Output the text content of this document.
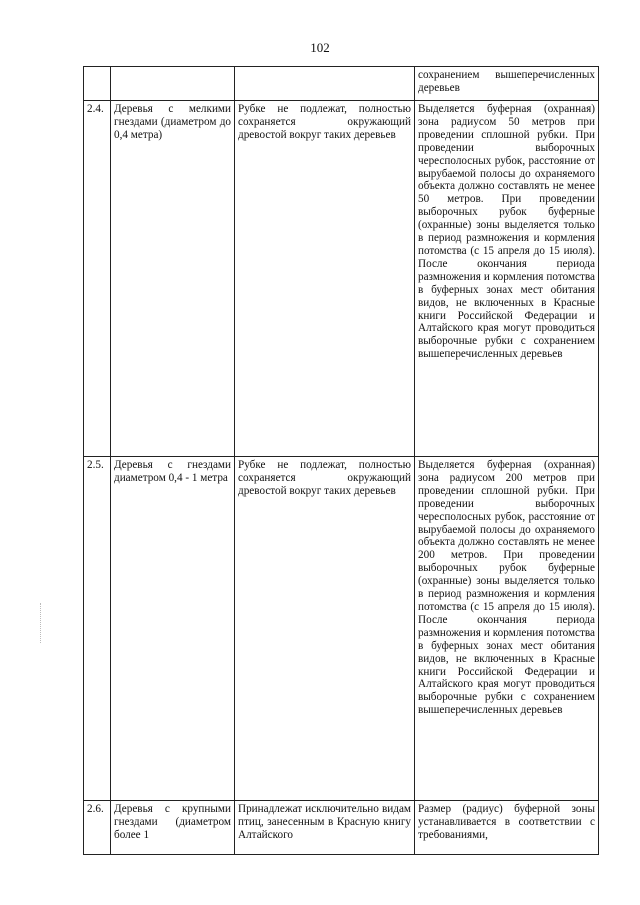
102
			сохранением вышеперечисленных деревьев
2.4.	Деревья с мелкими гнездами (диаметром до 0,4 метра)	Рубке не подлежат, полностью сохраняется окружающий древостой вокруг таких деревьев	Выделяется буферная (охранная) зона радиусом 50 метров при проведении сплошной рубки. При проведении выборочных чересполосных рубок, расстояние от вырубаемой полосы до охраняемого объекта должно составлять не менее 50 метров. При проведении выборочных рубок буферные (охранные) зоны выделяется только в период размножения и кормления потомства (с 15 апреля до 15 июля). После окончания периода размножения и кормления потомства в буферных зонах мест обитания видов, не включенных в Красные книги Российской Федерации и Алтайского края могут проводиться выборочные рубки с сохранением вышеперечисленных деревьев
2.5.	Деревья с гнездами диаметром 0,4 - 1 метра	Рубке не подлежат, полностью сохраняется окружающий древостой вокруг таких деревьев	Выделяется буферная (охранная) зона радиусом 200 метров при проведении сплошной рубки. При проведении выборочных чересполосных рубок, расстояние от вырубаемой полосы до охраняемого объекта должно составлять не менее 200 метров. При проведении выборочных рубок буферные (охранные) зоны выделяется только в период размножения и кормления потомства (с 15 апреля до 15 июля). После окончания периода размножения и кормления потомства в буферных зонах мест обитания видов, не включенных в Красные книги Российской Федерации и Алтайского края могут проводиться выборочные рубки с сохранением вышеперечисленных деревьев
2.6.	Деревья с крупными гнездами (диаметром более 1	Принадлежат исключительно видам птиц, занесенным в Красную книгу Алтайского	Размер (радиус) буферной зоны устанавливается в соответствии с требованиями,
